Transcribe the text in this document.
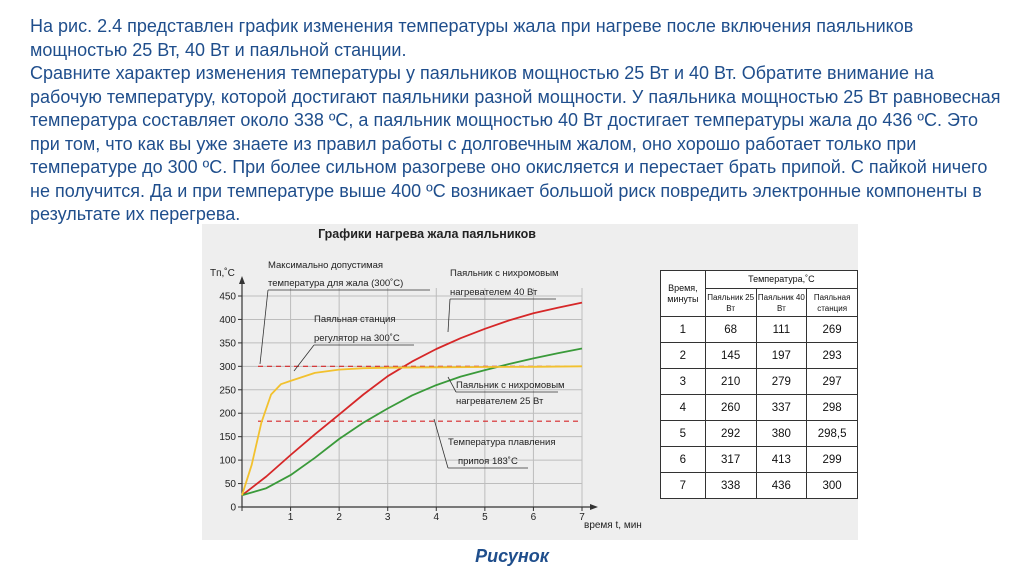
На рис. 2.4 представлен график изменения температуры жала при нагреве после включения паяльников мощностью 25 Вт, 40 Вт и паяльной станции.

Сравните характер изменения температуры у паяльников мощностью 25 Вт и 40 Вт. Обратите внимание на рабочую температуру, которой достигают паяльники разной мощности. У паяльника мощностью 25 Вт равновесная температура составляет около 338 ºС, а паяльник мощностью 40 Вт достигает температуры жала до 436 ºС. Это при том, что как вы уже знаете из правил работы с долговечным жалом, оно хорошо работает только при температуре до 300 ºС. При более сильном разогреве оно окисляется и перестает брать припой. С пайкой ничего не получится. Да и при температуре выше 400 ºС возникает большой риск повредить электронные компоненты в результате их перегрева.

Максимально допустимая
температура для жала (300˚С)
Паяльник с нихромовым
нагревателем 40 Вт
Паяльная станция
регулятор на 300˚С
Паяльник с нихромовым
нагревателем 25 Вт
Температура плавления
припоя 183˚С
1	2	3	4	5	6	7
0
50
100
150
200
250
300
350
400
450
Графики нагрева жала паяльников
Tп,˚С
время t, мин
Время, минуты	Температура,˚С		
	Паяльник 25 Вт	Паяльник 40 Вт	Паяльная станция
1	68	111	269
2	145	197	293
3	210	279	297
4	260	337	298
5	292	380	298,5
6	317	413	299
7	338	436	300
Рисунок
